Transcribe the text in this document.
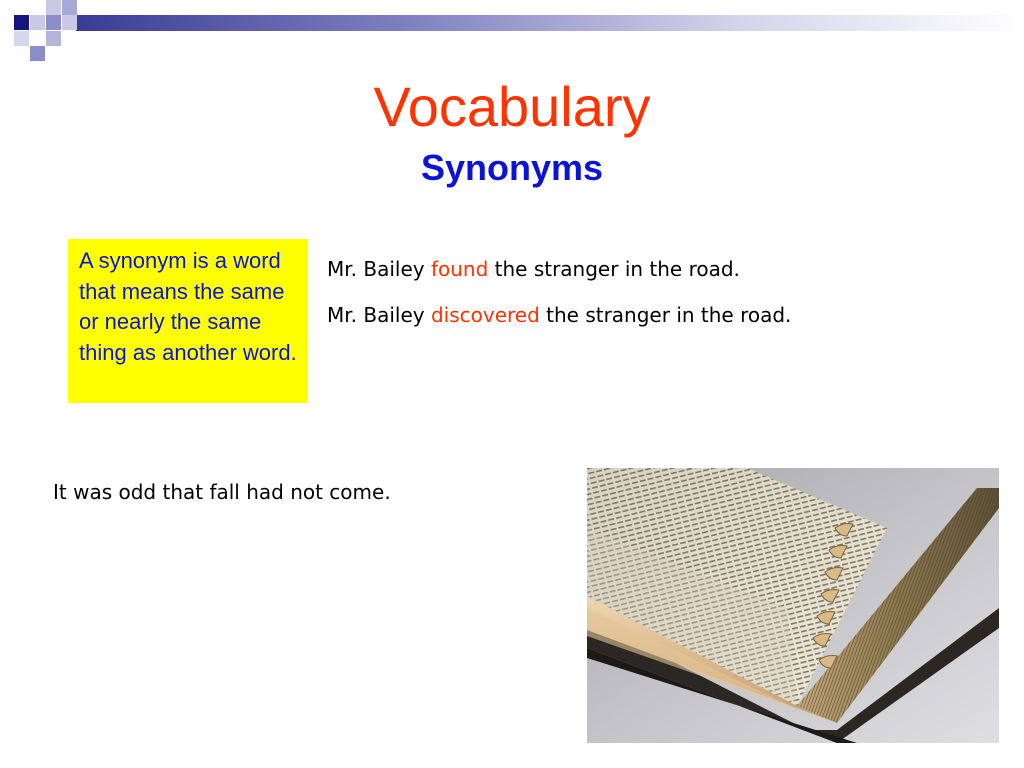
Vocabulary
Synonyms
A synonym is a word that means the same or nearly the same thing as another word.
Mr. Bailey found the stranger in the road.
Mr. Bailey discovered the stranger in the road.
It was odd that fall had not come.
